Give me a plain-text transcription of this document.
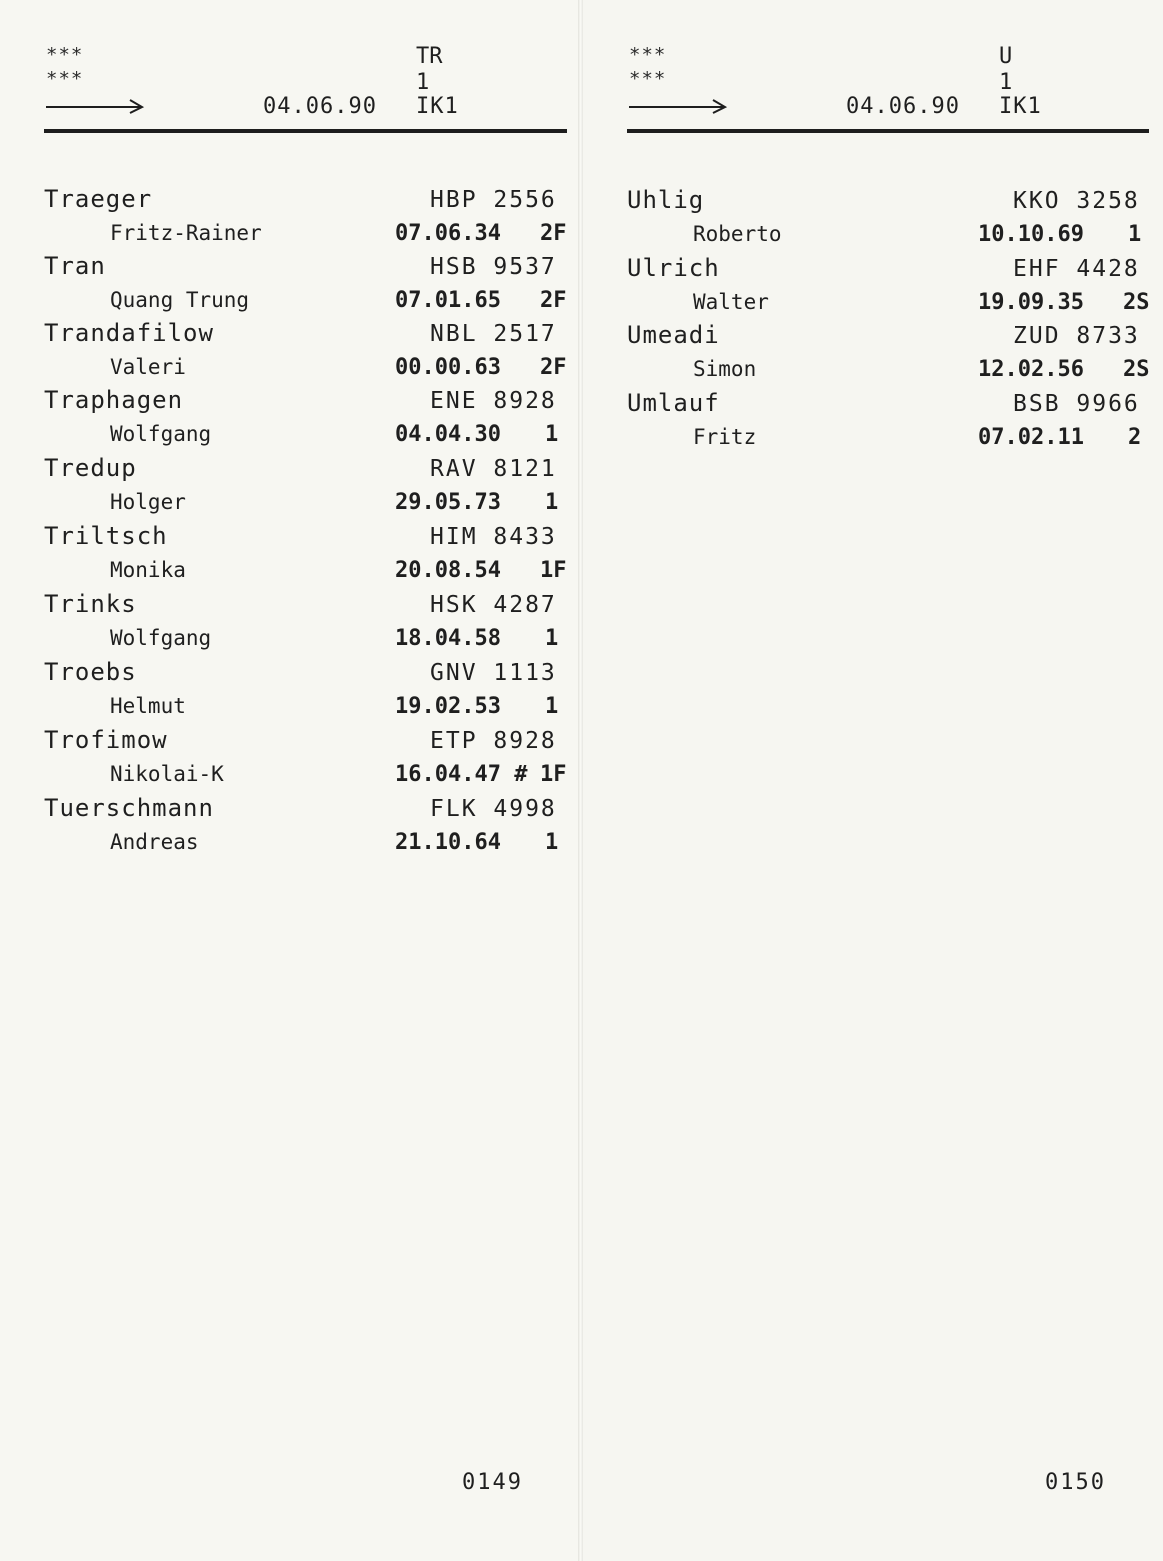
***
***
TR
1
04.06.90 IK1
Traeger	HBP 2556
Fritz-Rainer	07.06.34 2F
Tran	HSB 9537
Quang Trung	07.01.65 2F
Trandafilow	NBL 2517
Valeri	00.00.63 2F
Traphagen	ENE 8928
Wolfgang	04.04.30 1
Tredup	RAV 8121
Holger	29.05.73 1
Triltsch	HIM 8433
Monika	20.08.54 1F
Trinks	HSK 4287
Wolfgang	18.04.58 1
Troebs	GNV 1113
Helmut	19.02.53 1
Trofimow	ETP 8928
Nikolai-K	16.04.47 # 1F
Tuerschmann	FLK 4998
Andreas	21.10.64 1
0149
***
***
U
1
04.06.90 IK1
Uhlig	KKO 3258
Roberto	10.10.69 1
Ulrich	EHF 4428
Walter	19.09.35 2S
Umeadi	ZUD 8733
Simon	12.02.56 2S
Umlauf	BSB 9966
Fritz	07.02.11 2
0150
